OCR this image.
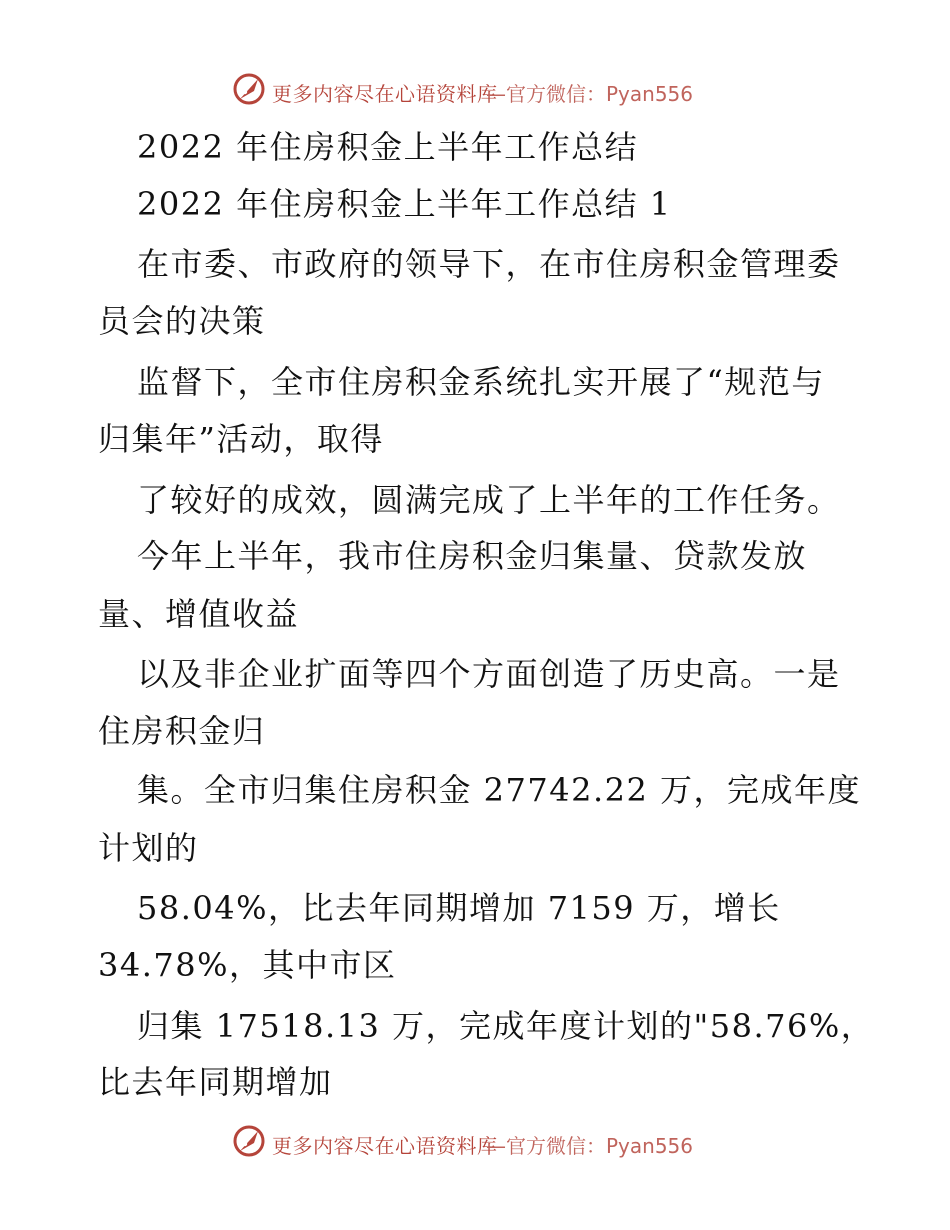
更多内容尽在心语资料库
—官方微信：Pyan556
2022 年住房积金上半年工作总结
2022 年住房积金上半年工作总结 1
在市委、市政府的领导下，在市住房积金管理委
员会的决策
监督下，全市住房积金系统扎实开展了“规范与
归集年”活动，取得
了较好的成效，圆满完成了上半年的工作任务。
今年上半年，我市住房积金归集量、贷款发放
量、增值收益
以及非企业扩面等四个方面创造了历史高。一是
住房积金归
集。全市归集住房积金 27742.22 万，完成年度
计划的
58.04%，比去年同期增加 7159 万，增长
34.78%，其中市区
归集 17518.13 万，完成年度计划的"58.76%，
比去年同期增加
更多内容尽在心语资料库
—官方微信：Pyan556
